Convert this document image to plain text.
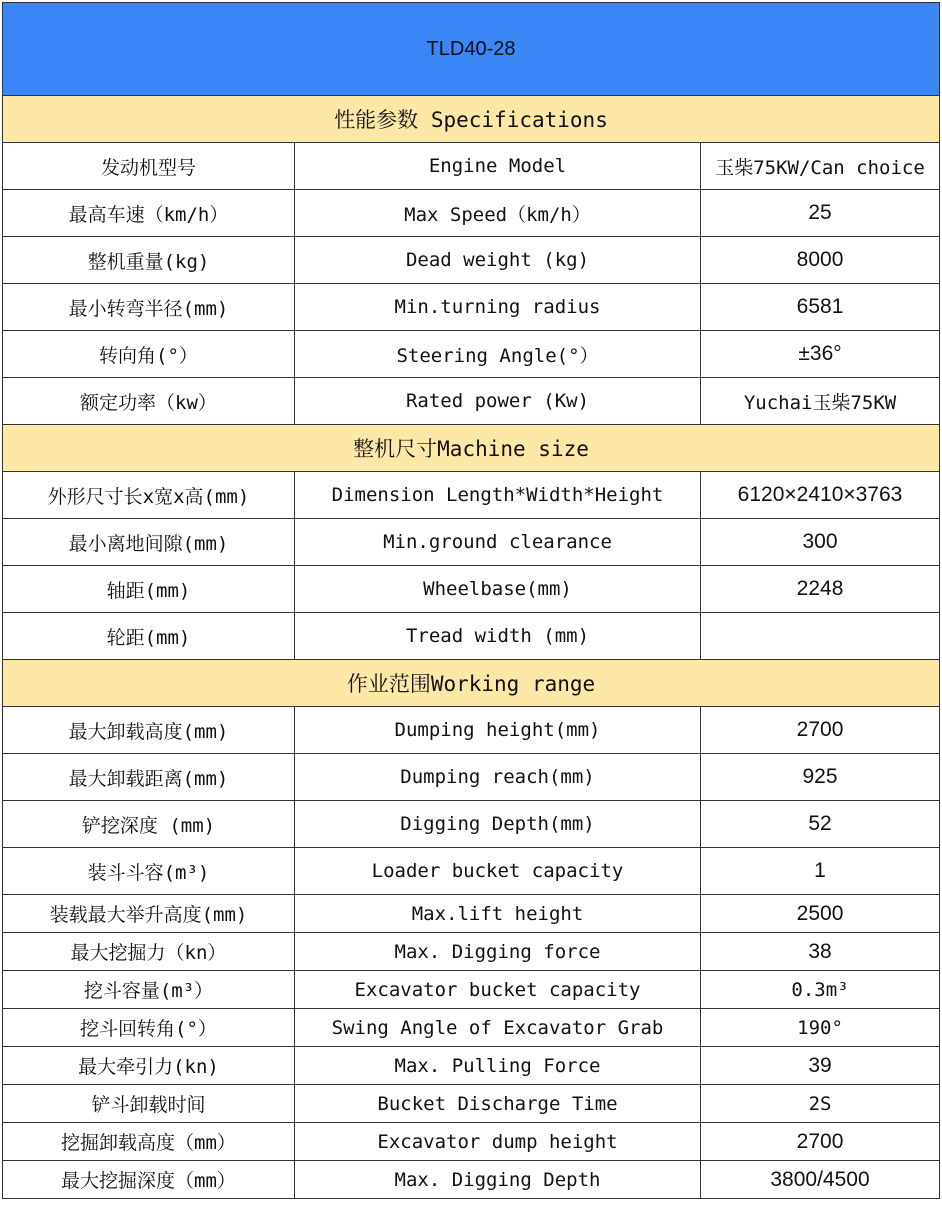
TLD40-28		
性能参数 Specifications		
发动机型号	Engine Model	玉柴75KW/Can choice
最高车速（km/h）	Max Speed（km/h）	25
整机重量(kg)	Dead weight (kg)	8000
最小转弯半径(mm)	Min.turning radius	6581
转向角(°）	Steering Angle(°）	±36°
额定功率（kw）	Rated power (Kw)	Yuchai玉柴75KW
整机尺寸Machine size		
外形尺寸长x宽x高(mm)	Dimension Length*Width*Height	6120×2410×3763
最小离地间隙(mm)	Min.ground clearance	300
轴距(mm)	Wheelbase(mm)	2248
轮距(mm)	Tread width (mm)	
作业范围Working range		
最大卸载高度(mm)	Dumping height(mm)	2700
最大卸载距离(mm)	Dumping reach(mm)	925
铲挖深度 (mm)	Digging Depth(mm)	52
装斗斗容(m³)	Loader bucket capacity	1
装载最大举升高度(mm)	Max.lift height	2500
最大挖掘力（kn）	Max. Digging force	38
挖斗容量(m³）	Excavator bucket capacity	0.3m³
挖斗回转角(°）	Swing Angle of Excavator Grab	190°
最大牵引力(kn)	Max. Pulling Force	39
铲斗卸载时间	Bucket Discharge Time	2S
挖掘卸载高度（mm）	Excavator dump height	2700
最大挖掘深度（mm）	Max. Digging Depth	3800/4500
